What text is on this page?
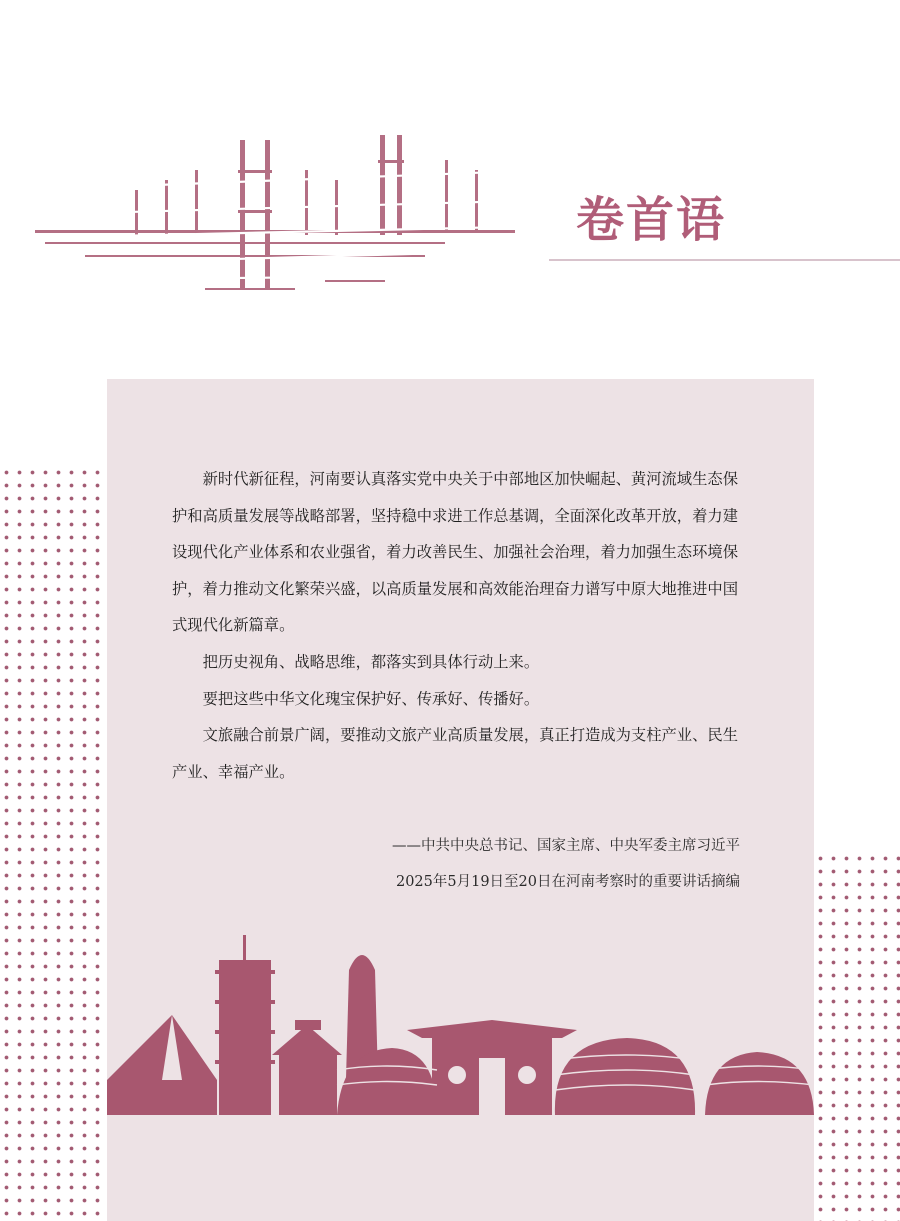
卷首语

新时代新征程，河南要认真落实党中央关于中部地区加快崛起、黄河流域生态保护和高质量发展等战略部署，坚持稳中求进工作总基调，全面深化改革开放，着力建设现代化产业体系和农业强省，着力改善民生、加强社会治理，着力加强生态环境保护，着力推动文化繁荣兴盛，以高质量发展和高效能治理奋力谱写中原大地推进中国式现代化新篇章。

把历史视角、战略思维，都落实到具体行动上来。

要把这些中华文化瑰宝保护好、传承好、传播好。

文旅融合前景广阔，要推动文旅产业高质量发展，真正打造成为支柱产业、民生产业、幸福产业。

——中共中央总书记、国家主席、中央军委主席习近平
2025年5月19日至20日在河南考察时的重要讲话摘编
